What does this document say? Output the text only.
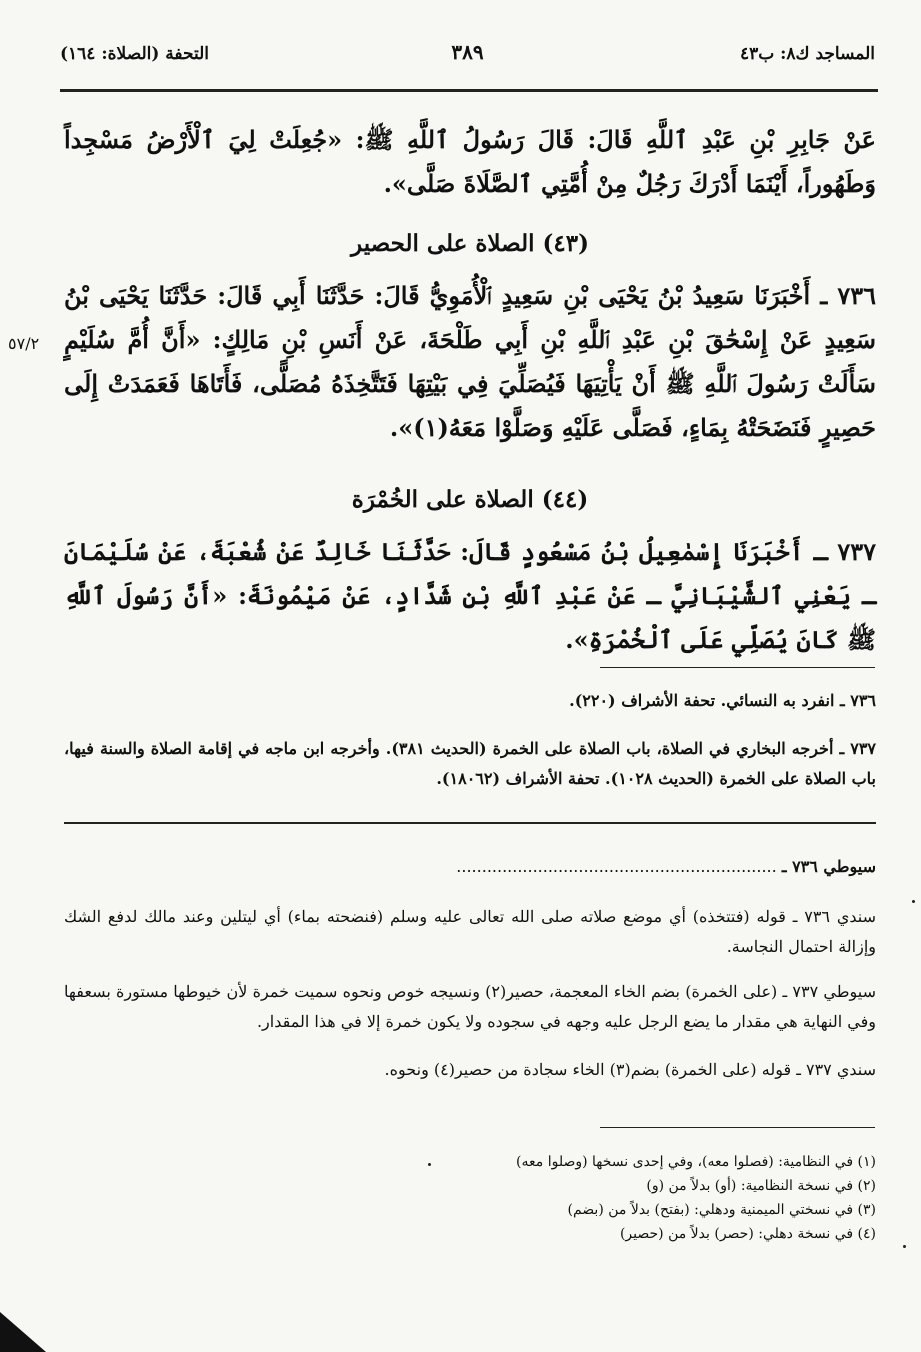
المساجد ك٨: ب٤٣
٣٨٩
التحفة (الصلاة: ١٦٤)
عَنْ جَابِرِ بْنِ عَبْدِ ٱللَّهِ قَالَ: قَالَ رَسُولُ ٱللَّهِ ﷺ: «جُعِلَتْ لِيَ ٱلْأَرْضُ مَسْجِداً وَطَهُوراً، أَيْنَمَا أَدْرَكَ رَجُلٌ مِنْ أُمَّتِي ٱلصَّلَاةَ صَلَّى».
(٤٣) الصلاة على الحصير
٧٣٦ ـ أَخْبَرَنَا سَعِيدُ بْنُ يَحْيَى بْنِ سَعِيدٍ ٱلْأُمَوِيُّ قَالَ: حَدَّثَنَا أَبِي قَالَ: حَدَّثَنَا يَحْيَى بْنُ سَعِيدٍ عَنْ إِسْحَٰقَ بْنِ عَبْدِ ٱللَّهِ بْنِ أَبِي طَلْحَةَ، عَنْ أَنَسِ بْنِ مَالِكٍ: «أَنَّ أُمَّ سُلَيْمٍ سَأَلَتْ رَسُولَ ٱللَّهِ ﷺ أَنْ يَأْتِيَهَا فَيُصَلِّيَ فِي بَيْتِهَا فَتَتَّخِذَهُ مُصَلًّى، فَأَتَاهَا فَعَمَدَتْ إِلَى حَصِيرٍ فَنَضَحَتْهُ بِمَاءٍ، فَصَلَّى عَلَيْهِ وَصَلَّوْا مَعَهُ(١)».
٥٧/٢
(٤٤) الصلاة على الخُمْرَة
٧٣٧ ـ أَخْبَرَنَا إِسْمٰعِيلُ بْنُ مَسْعُودٍ قَالَ: حَدَّثَنَا خَالِدٌ عَنْ شُعْبَةَ، عَنْ سُلَيْمَانَ ـ يَعْنِي ٱلشَّيْبَانِيَّ ـ عَنْ عَبْدِ ٱللَّهِ بْنِ شَدَّادٍ، عَنْ مَيْمُونَةَ: «أَنَّ رَسُولَ ٱللَّهِ ﷺ كَانَ يُصَلِّي عَلَى ٱلْخُمْرَةِ».
٧٣٦ ـ انفرد به النسائي. تحفة الأشراف (٢٢٠).
٧٣٧ ـ أخرجه البخاري في الصلاة، باب الصلاة على الخمرة (الحديث ٣٨١). وأخرجه ابن ماجه في إقامة الصلاة والسنة فيها، باب الصلاة على الخمرة (الحديث ١٠٢٨). تحفة الأشراف (١٨٠٦٢).
سيوطي ٧٣٦ ـ ...............................................................
سندي ٧٣٦ ـ قوله (فتتخذه) أي موضع صلاته صلى الله تعالى عليه وسلم (فنضحته بماء) أي ليتلين وعند مالك لدفع الشك وإزالة احتمال النجاسة.
سيوطي ٧٣٧ ـ (على الخمرة) بضم الخاء المعجمة، حصير(٢) ونسيجه خوص ونحوه سميت خمرة لأن خيوطها مستورة بسعفها وفي النهاية هي مقدار ما يضع الرجل عليه وجهه في سجوده ولا يكون خمرة إلا في هذا المقدار.
سندي ٧٣٧ ـ قوله (على الخمرة) بضم(٣) الخاء سجادة من حصير(٤) ونحوه.
(١) في النظامية: (فصلوا معه)، وفي إحدى نسخها (وصلوا معه)
(٢) في نسخة النظامية: (أو) بدلاً من (و)
(٣) في نسختي الميمنية ودهلي: (بفتح) بدلاً من (بضم)
(٤) في نسخة دهلي: (حصر) بدلاً من (حصير)
